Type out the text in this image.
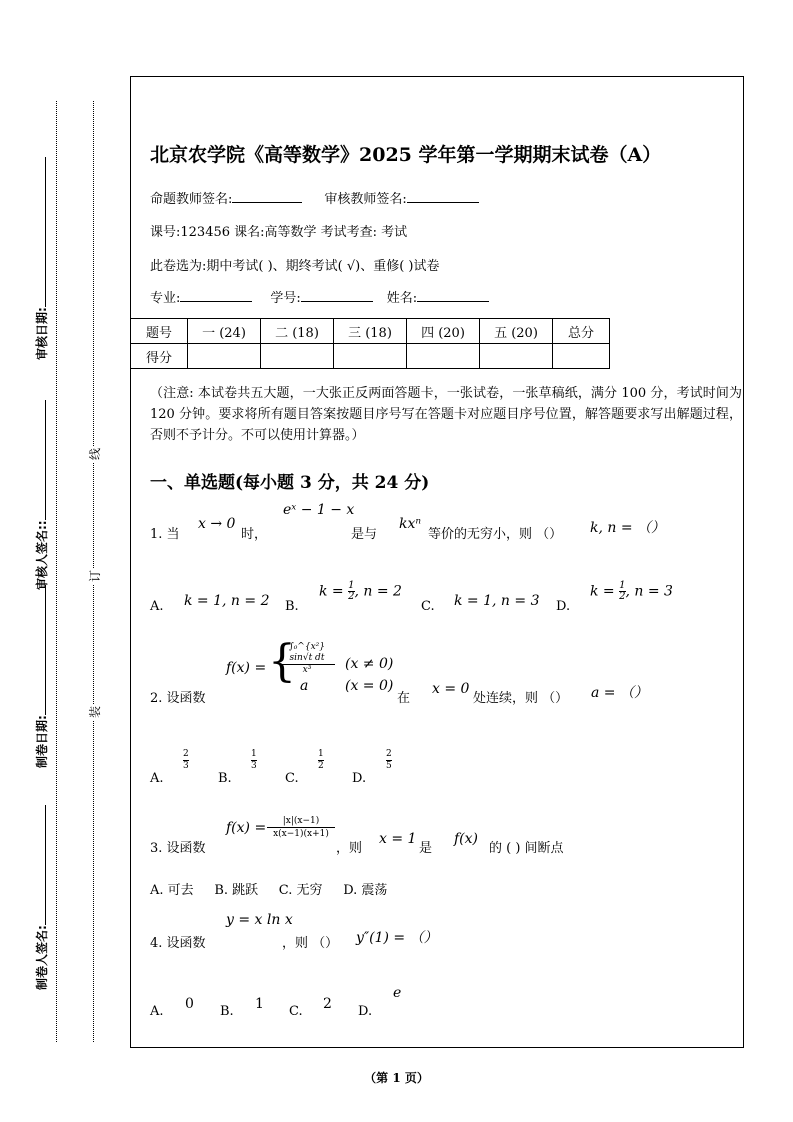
审核日期:
审核人签名::
制卷日期:
制卷人签名:
线
订
装
北京农学院《高等数学》2025 学年第一学期期末试卷（A）
命题教师签名:	审核教师签名:
课号:123456 课名:高等数学 考试考查: 考试
此卷选为:期中考试( )、期终考试( √)、重修( )试卷
专业:	学号:	姓名:
题号	一 (24)	二 (18)	三 (18)	四 (20)	五 (20)	总分
得分						
（注意: 本试卷共五大题，一大张正反两面答题卡，一张试卷，一张草稿纸，满分 100 分，考试时间为 120 分钟。要求将所有题目答案按题目序号写在答题卡对应题目序号位置，解答题要求写出解题过程，否则不予计分。不可以使用计算器。）
一、单选题(每小题 3 分，共 24 分)
1. 当
x → 0
时，
eˣ − 1 − x
是与
kxⁿ
等价的无穷小，则 （） k, n = （）
A. k = 1, n = 2 B.
$k = \frac{1}{2}$ , n = 2
C. k = 1, n = 3 D.
$k = \frac{1}{2}$ , n = 3
2. 设函数
f(x) = {
$\frac{\text{∫₀\textasciicircum{}\{x²\} sin√t dt}}{\text{x³}} (x \ne 0)$
a	(x = 0)
在
x = 0
处连续，则 （） a = （）
A.
$\frac{2}{3}$
B.
$\frac{1}{3}$
C.
$\frac{1}{2}$
D.
$\frac{2}{5}$
3. 设函数
$f(x) = \frac{|x|(x-1)}{x(x-1)(x+1)}$
，则
x = 1
是
f(x)
的 ( ) 间断点
A. 可去     B. 跳跃     C. 无穷     D. 震荡
4. 设函数
y = x ln x
，则 （） y″(1) = （）
A. 0 B. 1 C. 2 D.
e
（第 1 页）
